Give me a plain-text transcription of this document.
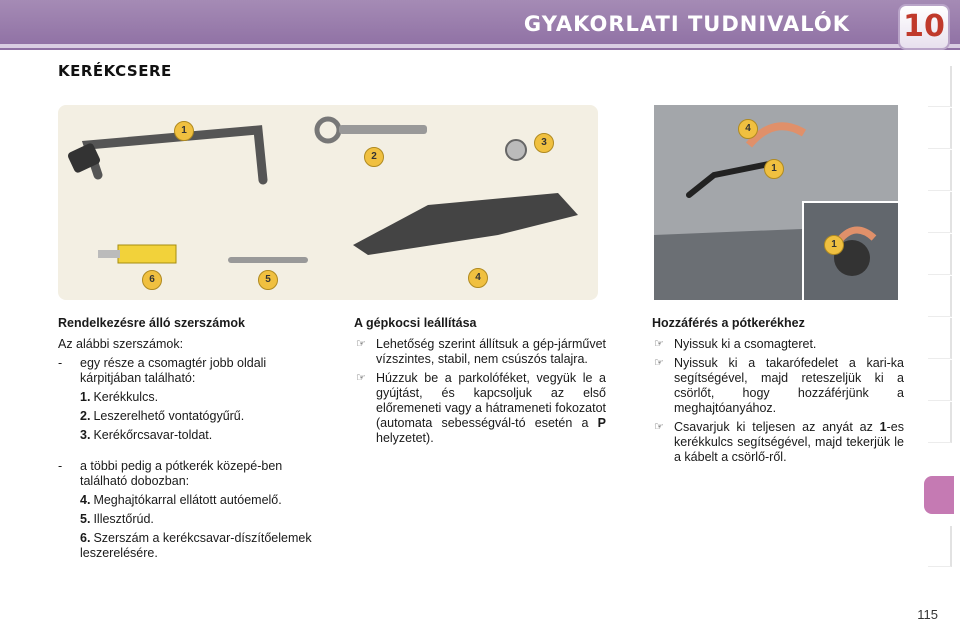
GYAKORLATI TUDNIVALÓK 10
KERÉKCSERE
1
2
3
4
5
6
4
1
1
Rendelkezésre álló szerszámok

Az alábbi szerszámok:

- egy része a csomagtér jobb oldali kárpitjában található:
1. Kerékkulcs.
2. Leszerelhető vontatógyűrű.
3. Kerékőrcsavar-toldat.
- a többi pedig a pótkerék közepé-ben található dobozban:
4. Meghajtókarral ellátott autóemelő.
5. Illesztőrúd.
6. Szerszám a kerékcsavar-díszítőelemek leszerelésére.
A gépkocsi leállítása
☞ Lehetőség szerint állítsuk a gép-járművet vízszintes, stabil, nem csúszós talajra.
☞ Húzzuk be a parkolóféket, vegyük le a gyújtást, és kapcsoljuk az első előremeneti vagy a hátrameneti fokozatot (automata sebességvál-tó esetén a P helyzetet).
Hozzáférés a pótkerékhez
☞ Nyissuk ki a csomagteret.
☞ Nyissuk ki a takarófedelet a kari-ka segítségével, majd reteszeljük ki a csörlőt, hogy hozzáférjünk a meghajtóanyához.
☞ Csavarjuk ki teljesen az anyát az 1-es kerékkulcs segítségével, majd tekerjük le a kábelt a csörlő-ről.
115
